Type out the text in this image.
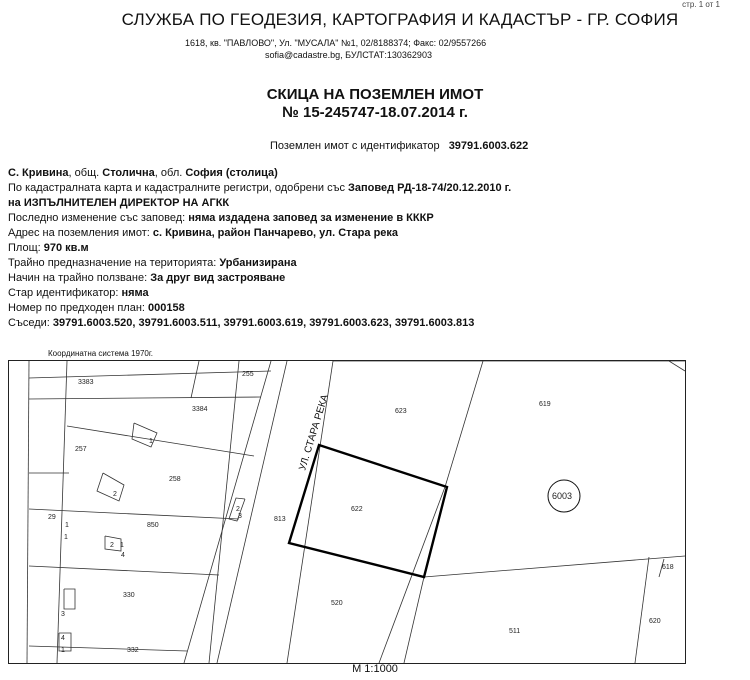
стр. 1 от 1
СЛУЖБА ПО ГЕОДЕЗИЯ, КАРТОГРАФИЯ И КАДАСТЪР - ГР. СОФИЯ
1618, кв. "ПАВЛОВО", Ул. "МУСАЛА" №1, 02/8188374; Факс: 02/9557266
sofia@cadastre.bg, БУЛСТАТ:130362903
СКИЦА НА ПОЗЕМЛЕН ИМОТ
№ 15-245747-18.07.2014 г.
Поземлен имот с идентификатор 39791.6003.622
С. Кривина, общ. Столична, обл. София (столица)
По кадастралната карта и кадастралните регистри, одобрени със Заповед РД-18-74/20.12.2010 г.
на ИЗПЪЛНИТЕЛЕН ДИРЕКТОР НА АГКК
Последно изменение със заповед: няма издадена заповед за изменение в КККР
Адрес на поземления имот: с. Кривина, район Панчарево, ул. Стара река
Площ: 970 кв.м
Трайно предназначение на територията: Урбанизирана
Начин на трайно ползване: За друг вид застрояване
Стар идентификатор: няма
Номер по предходен план: 000158
Съседи: 39791.6003.520, 39791.6003.511, 39791.6003.619, 39791.6003.623, 39791.6003.813
Координатна система 1970г.
УЛ. СТАРА РЕКА
3383
255
3384	623
619
257
258
622
6003
29
850
813
1
1
2
2
3
1
2
4
1
330
520
511
618
620
3
4
1	332
М 1:1000
